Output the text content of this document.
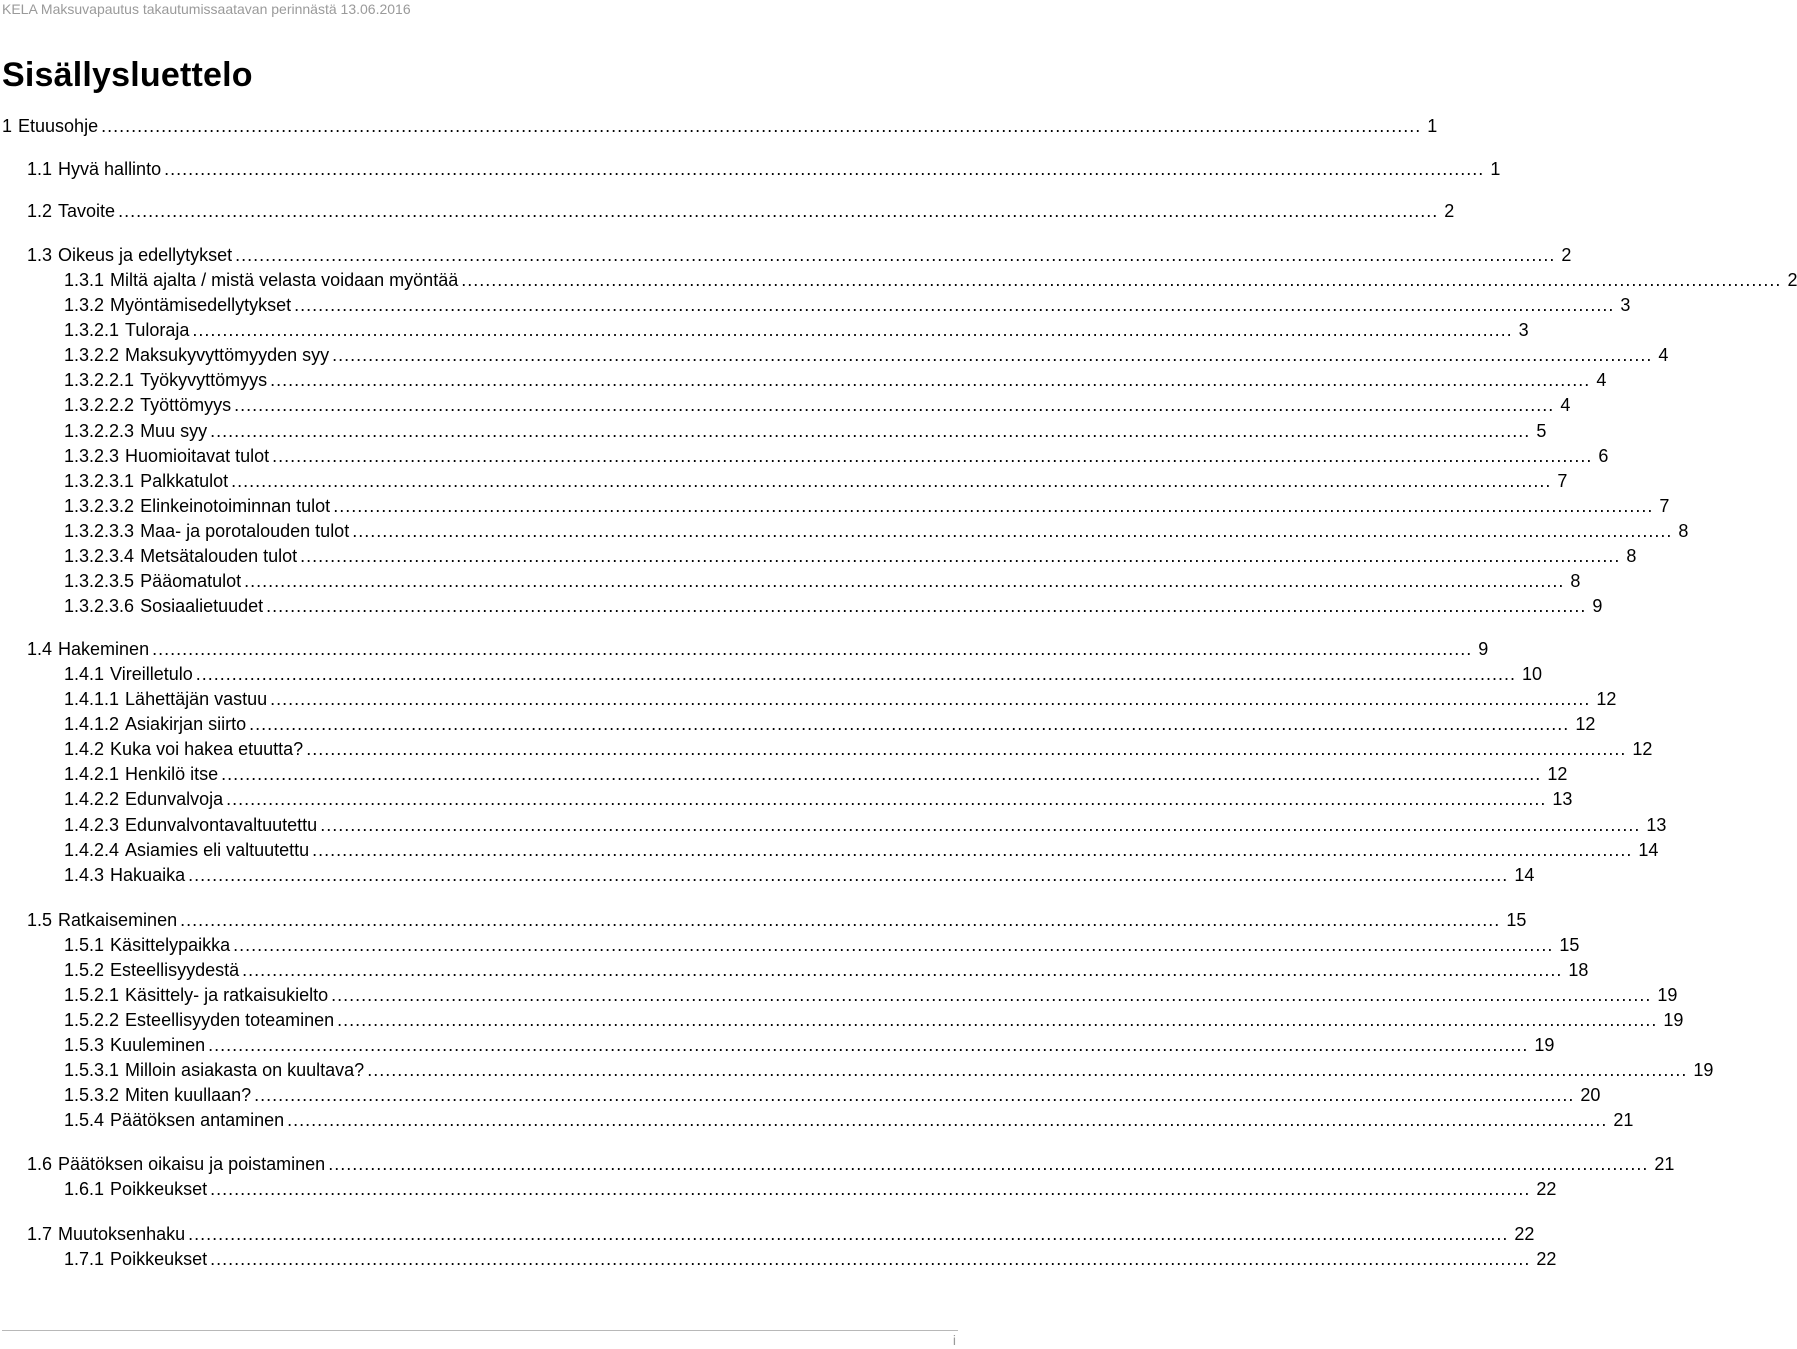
KELA Maksuvapautus takautumissaatavan perinnästä 13.06.2016
Sisällysluettelo
1 Etuusohje ............................................................................................................................................................................................................................ 1
1.1 Hyvä hallinto ............................................................................................................................................................................................................................ 1
1.2 Tavoite ............................................................................................................................................................................................................................ 2
1.3 Oikeus ja edellytykset ............................................................................................................................................................................................................................ 2
1.3.1 Miltä ajalta / mistä velasta voidaan myöntää ............................................................................................................................................................................................................................ 2
1.3.2 Myöntämisedellytykset ............................................................................................................................................................................................................................ 3
1.3.2.1 Tuloraja ............................................................................................................................................................................................................................ 3
1.3.2.2 Maksukyvyttömyyden syy ............................................................................................................................................................................................................................ 4
1.3.2.2.1 Työkyvyttömyys ............................................................................................................................................................................................................................ 4
1.3.2.2.2 Työttömyys ............................................................................................................................................................................................................................ 4
1.3.2.2.3 Muu syy ............................................................................................................................................................................................................................ 5
1.3.2.3 Huomioitavat tulot ............................................................................................................................................................................................................................ 6
1.3.2.3.1 Palkkatulot ............................................................................................................................................................................................................................ 7
1.3.2.3.2 Elinkeinotoiminnan tulot ............................................................................................................................................................................................................................ 7
1.3.2.3.3 Maa- ja porotalouden tulot ............................................................................................................................................................................................................................ 8
1.3.2.3.4 Metsätalouden tulot ............................................................................................................................................................................................................................ 8
1.3.2.3.5 Pääomatulot ............................................................................................................................................................................................................................ 8
1.3.2.3.6 Sosiaalietuudet ............................................................................................................................................................................................................................ 9
1.4 Hakeminen ............................................................................................................................................................................................................................ 9
1.4.1 Vireilletulo ............................................................................................................................................................................................................................ 10
1.4.1.1 Lähettäjän vastuu ............................................................................................................................................................................................................................ 12
1.4.1.2 Asiakirjan siirto ............................................................................................................................................................................................................................ 12
1.4.2 Kuka voi hakea etuutta? ............................................................................................................................................................................................................................ 12
1.4.2.1 Henkilö itse ............................................................................................................................................................................................................................ 12
1.4.2.2 Edunvalvoja ............................................................................................................................................................................................................................ 13
1.4.2.3 Edunvalvontavaltuutettu ............................................................................................................................................................................................................................ 13
1.4.2.4 Asiamies eli valtuutettu ............................................................................................................................................................................................................................ 14
1.4.3 Hakuaika ............................................................................................................................................................................................................................ 14
1.5 Ratkaiseminen ............................................................................................................................................................................................................................ 15
1.5.1 Käsittelypaikka ............................................................................................................................................................................................................................ 15
1.5.2 Esteellisyydestä ............................................................................................................................................................................................................................ 18
1.5.2.1 Käsittely- ja ratkaisukielto ............................................................................................................................................................................................................................ 19
1.5.2.2 Esteellisyyden toteaminen ............................................................................................................................................................................................................................ 19
1.5.3 Kuuleminen ............................................................................................................................................................................................................................ 19
1.5.3.1 Milloin asiakasta on kuultava? ............................................................................................................................................................................................................................ 19
1.5.3.2 Miten kuullaan? ............................................................................................................................................................................................................................ 20
1.5.4 Päätöksen antaminen ............................................................................................................................................................................................................................ 21
1.6 Päätöksen oikaisu ja poistaminen ............................................................................................................................................................................................................................ 21
1.6.1 Poikkeukset ............................................................................................................................................................................................................................ 22
1.7 Muutoksenhaku ............................................................................................................................................................................................................................ 22
1.7.1 Poikkeukset ............................................................................................................................................................................................................................ 22
i
